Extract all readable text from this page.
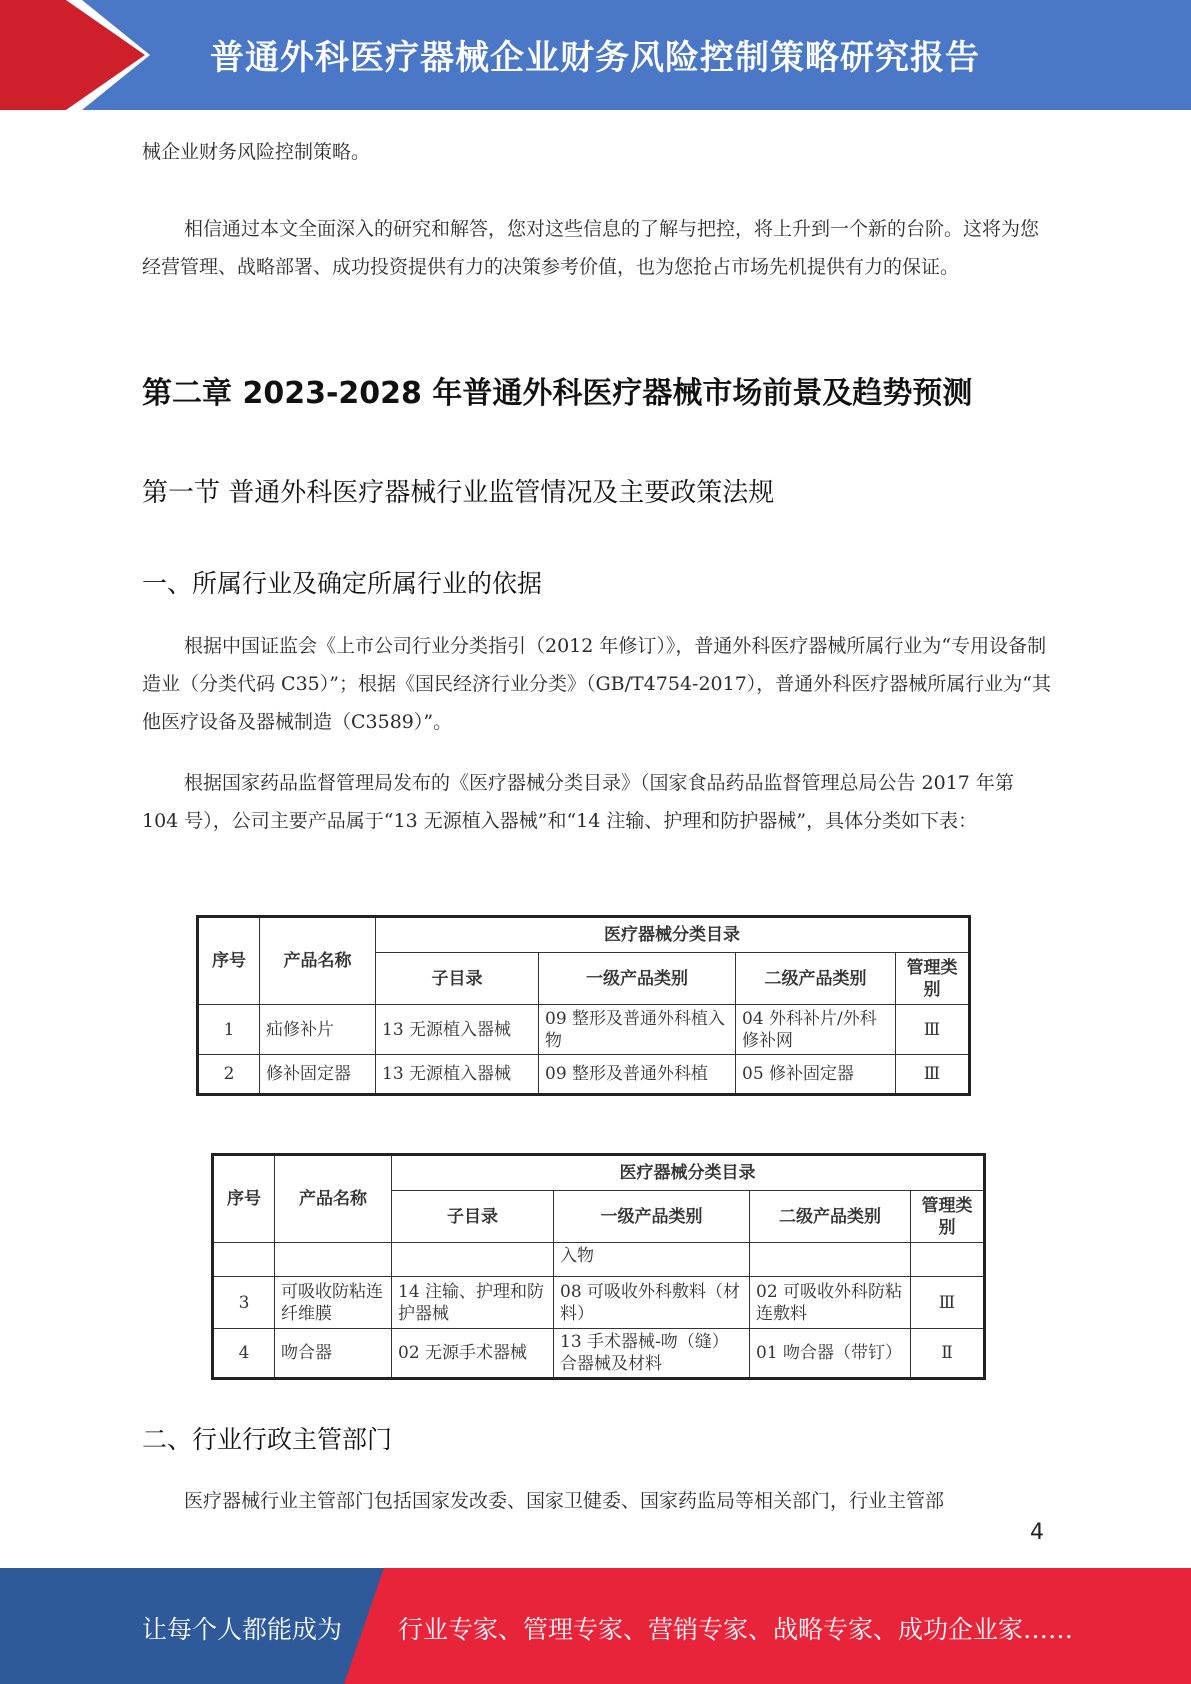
普通外科医疗器械企业财务风险控制策略研究报告
械企业财务风险控制策略。
相信通过本文全面深入的研究和解答，您对这些信息的了解与把控，将上升到一个新的台阶。这将为您经营管理、战略部署、成功投资提供有力的决策参考价值，也为您抢占市场先机提供有力的保证。
第二章 2023-2028 年普通外科医疗器械市场前景及趋势预测
第一节 普通外科医疗器械行业监管情况及主要政策法规
一、所属行业及确定所属行业的依据
根据中国证监会《上市公司行业分类指引（2012 年修订）》，普通外科医疗器械所属行业为“专用设备制造业（分类代码 C35）”；根据《国民经济行业分类》（GB/T4754-2017），普通外科医疗器械所属行业为“其他医疗设备及器械制造（C3589）”。
根据国家药品监督管理局发布的《医疗器械分类目录》（国家食品药品监督管理总局公告 2017 年第 104 号），公司主要产品属于“13 无源植入器械”和“14 注输、护理和防护器械”，具体分类如下表：
序号	产品名称	医疗器械分类目录			
		子目录	一级产品类别	二级产品类别	管理类别
1	疝修补片	13 无源植入器械	09 整形及普通外科植入物	04 外科补片/外科修补网	Ⅲ
2	修补固定器	13 无源植入器械	09 整形及普通外科植	05 修补固定器	Ⅲ
序号	产品名称	医疗器械分类目录			
		子目录	一级产品类别	二级产品类别	管理类别
			入物		
3	可吸收防粘连纤维膜	14 注输、护理和防护器械	08 可吸收外科敷料（材料）	02 可吸收外科防粘连敷料	Ⅲ
4	吻合器	02 无源手术器械	13 手术器械-吻（缝）合器械及材料	01 吻合器（带钉）	Ⅱ
二、行业行政主管部门
医疗器械行业主管部门包括国家发改委、国家卫健委、国家药监局等相关部门，行业主管部
4
让每个人都能成为 行业专家、管理专家、营销专家、战略专家、成功企业家……
